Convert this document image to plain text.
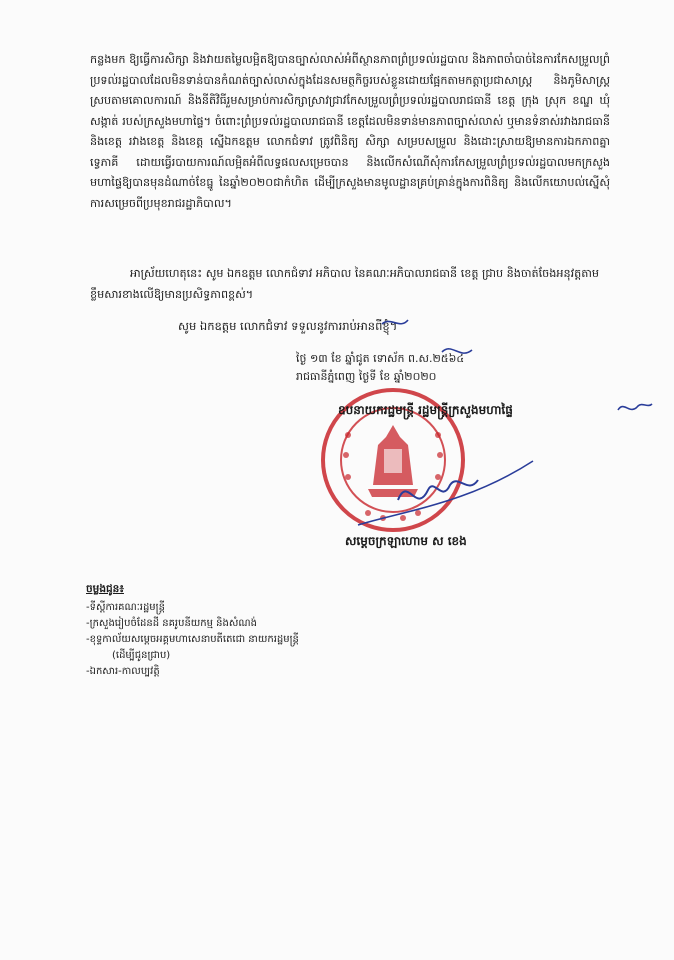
កន្លងមក ឱ្យធ្វើការសិក្សា និងវាយតម្លៃលម្អិតឱ្យបានច្បាស់លាស់អំពីស្ថានភាពព្រំប្រទល់រដ្ឋបាល និងភាពចាំបាច់នៃការកែសម្រួលព្រំប្រទល់រដ្ឋបាលដែលមិនទាន់បានកំណត់ច្បាស់លាស់ក្នុងដែនសមត្ថកិច្ចរបស់ខ្លួនដោយផ្អែកតាមកត្តាប្រជាសាស្ត្រ និងភូមិសាស្ត្រ ស្របតាមគោលការណ៍ និងនីតិវិធីរួមសម្រាប់ការសិក្សាស្រាវជ្រាវកែសម្រួលព្រំប្រទល់រដ្ឋបាលរាជធានី ខេត្ត ក្រុង ស្រុក ខណ្ឌ ឃុំ សង្កាត់ របស់ក្រសួងមហាផ្ទៃ។ ចំពោះព្រំប្រទល់រដ្ឋបាលរាជធានី ខេត្តដែលមិនទាន់មានភាពច្បាស់លាស់ ឬមានទំនាស់រវាងរាជធានី និងខេត្ត រវាងខេត្ត និងខេត្ត ស្នើឯកឧត្តម លោកជំទាវ ត្រូវពិនិត្យ សិក្សា សម្របសម្រួល និងដោះស្រាយឱ្យមានការឯកភាពគ្នាទ្វេភាគី ដោយធ្វើរបាយការណ៍លម្អិតអំពីលទ្ធផលសម្រេចបាន និងលើកសំណើសុំការកែសម្រួលព្រំប្រទល់រដ្ឋបាលមកក្រសួងមហាផ្ទៃឱ្យបានមុនដំណាច់ខែធ្នូ នៃឆ្នាំ២០២០ជាកំហិត ដើម្បីក្រសួងមានមូលដ្ឋានគ្រប់គ្រាន់ក្នុងការពិនិត្យ និងលើកយោបល់ស្នើសុំការសម្រេចពីប្រមុខរាជរដ្ឋាភិបាល។

អាស្រ័យហេតុនេះ សូម ឯកឧត្តម លោកជំទាវ អភិបាល នៃគណៈអភិបាលរាជធានី ខេត្ត ជ្រាប និងចាត់ចែងអនុវត្តតាមខ្លឹមសារខាងលើឱ្យមានប្រសិទ្ធភាពខ្ពស់។

សូម ឯកឧត្តម លោកជំទាវ ទទួលនូវការរាប់អានពីខ្ញុំ។
ថ្ងៃ ១៣ ខែ ឆ្នាំជូត ទោស័ក ព.ស.២៥៦៤
រាជធានីភ្នំពេញ ថ្ងៃទី ខែ ឆ្នាំ២០២០
ឧបនាយករដ្ឋមន្ត្រី រដ្ឋមន្ត្រីក្រសួងមហាផ្ទៃ
សម្ដេចក្រឡាហោម ស ខេង
ចម្លងជូន៖
-ទីស្តីការគណៈរដ្ឋមន្ត្រី
-ក្រសួងរៀបចំដែនដី នគរូបនីយកម្ម និងសំណង់
-ខុទ្ទកាល័យសម្ដេចអគ្គមហាសេនាបតីតេជោ នាយករដ្ឋមន្ត្រី
(ដើម្បីជូនជ្រាប)
-ឯកសារ-កាលប្បវត្តិ
